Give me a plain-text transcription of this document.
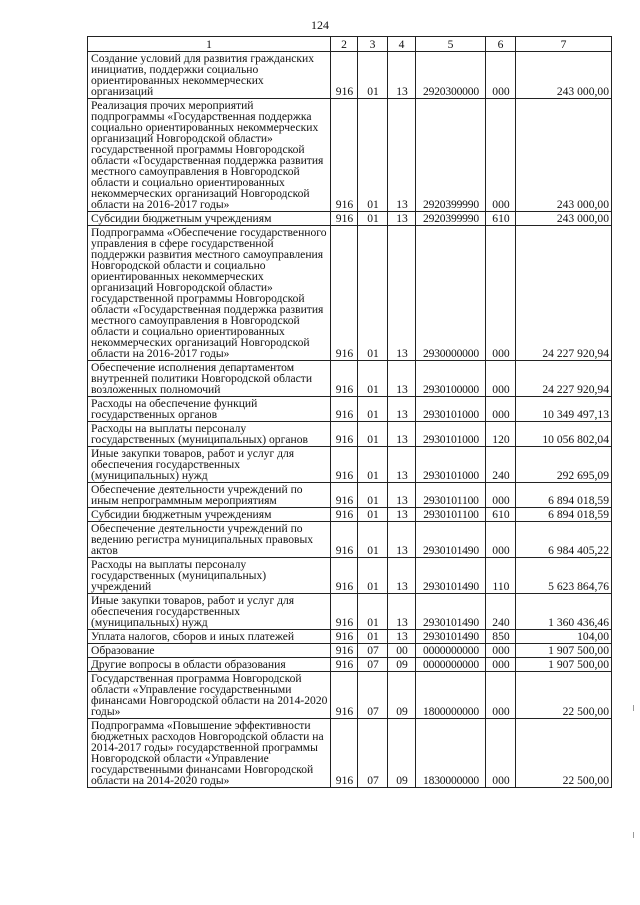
124
1	2	3	4	5	6	7
Создание условий для развития гражданских инициатив, поддержки социально ориентированных некоммерческих организаций	916	01	13	2920300000	000	243 000,00
Реализация прочих мероприятий подпрограммы «Государственная поддержка социально ориентированных некоммерческих организаций Новгородской области» государственной программы Новгородской области «Государственная поддержка развития местного самоуправления в Новгородской области и социально ориентированных некоммерческих организаций Новгородской области на 2016-2017 годы»	916	01	13	2920399990	000	243 000,00
Субсидии бюджетным учреждениям	916	01	13	2920399990	610	243 000,00
Подпрограмма «Обеспечение государственного управления в сфере государственной поддержки развития местного самоуправления Новгородской области и социально ориентированных некоммерческих организаций Новгородской области» государственной программы Новгородской области «Государственная поддержка развития местного самоуправления в Новгородской области и социально ориентированных некоммерческих организаций Новгородской области на 2016-2017 годы»	916	01	13	2930000000	000	24 227 920,94
Обеспечение исполнения департаментом внутренней политики Новгородской области возложенных полномочий	916	01	13	2930100000	000	24 227 920,94
Расходы на обеспечение функций государственных органов	916	01	13	2930101000	000	10 349 497,13
Расходы на выплаты персоналу государственных (муниципальных) органов	916	01	13	2930101000	120	10 056 802,04
Иные закупки товаров, работ и услуг для обеспечения государственных (муниципальных) нужд	916	01	13	2930101000	240	292 695,09
Обеспечение деятельности учреждений по иным непрограммным мероприятиям	916	01	13	2930101100	000	6 894 018,59
Субсидии бюджетным учреждениям	916	01	13	2930101100	610	6 894 018,59
Обеспечение деятельности учреждений по ведению регистра муниципальных правовых актов	916	01	13	2930101490	000	6 984 405,22
Расходы на выплаты персоналу государственных (муниципальных) учреждений	916	01	13	2930101490	110	5 623 864,76
Иные закупки товаров, работ и услуг для обеспечения государственных (муниципальных) нужд	916	01	13	2930101490	240	1 360 436,46
Уплата налогов, сборов и иных платежей	916	01	13	2930101490	850	104,00
Образование	916	07	00	0000000000	000	1 907 500,00
Другие вопросы в области образования	916	07	09	0000000000	000	1 907 500,00
Государственная программа Новгородской области «Управление государственными финансами Новгородской области на 2014-2020 годы»	916	07	09	1800000000	000	22 500,00
Подпрограмма «Повышение эффективности бюджетных расходов Новгородской области на 2014-2017 годы» государственной программы Новгородской области «Управление государственными финансами Новгородской области на 2014-2020 годы»	916	07	09	1830000000	000	22 500,00
